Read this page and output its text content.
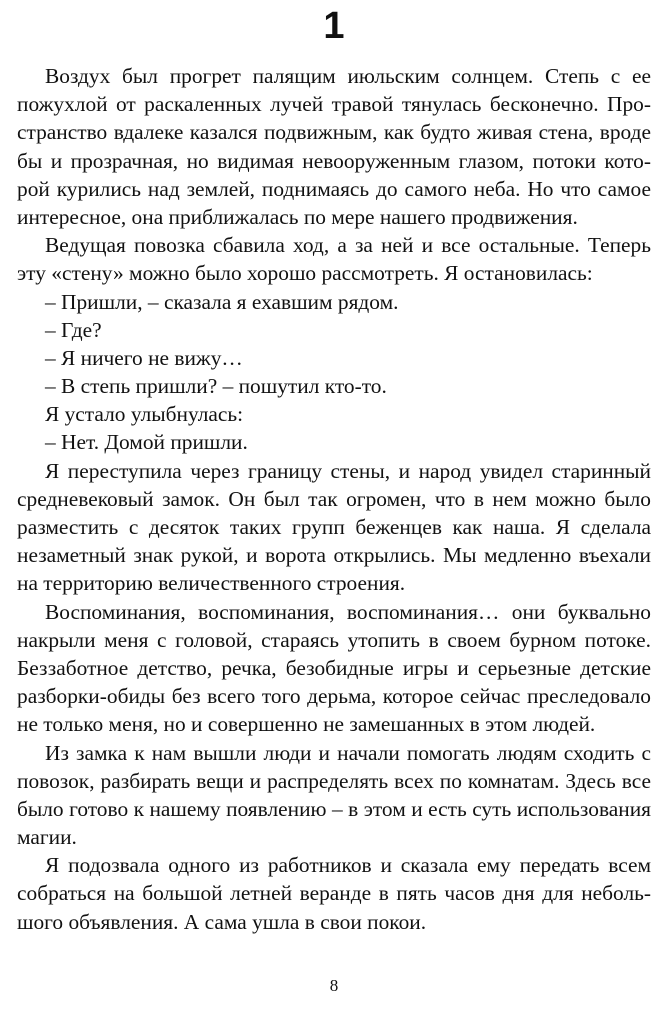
1
Воздух был прогрет палящим июльским солнцем. Степь с ее
пожухлой от раскаленных лучей травой тянулась бесконечно. Про-
странство вдалеке казался подвижным, как будто живая стена, вроде
бы и прозрачная, но видимая невооруженным глазом, потоки кото-
рой курились над землей, поднимаясь до самого неба. Но что самое
интересное, она приближалась по мере нашего продвижения.
Ведущая повозка сбавила ход, а за ней и все остальные. Теперь
эту «стену» можно было хорошо рассмотреть. Я остановилась:
– Пришли, – сказала я ехавшим рядом.
– Где?
– Я ничего не вижу…
– В степь пришли? – пошутил кто-то.
Я устало улыбнулась:
– Нет. Домой пришли.
Я переступила через границу стены, и народ увидел старинный
средневековый замок. Он был так огромен, что в нем можно было
разместить с десяток таких групп беженцев как наша. Я сделала
незаметный знак рукой, и ворота открылись. Мы медленно въехали
на территорию величественного строения.
Воспоминания, воспоминания, воспоминания… они буквально
накрыли меня с головой, стараясь утопить в своем бурном потоке.
Беззаботное детство, речка, безобидные игры и серьезные детские
разборки-обиды без всего того дерьма, которое сейчас преследовало
не только меня, но и совершенно не замешанных в этом людей.
Из замка к нам вышли люди и начали помогать людям сходить с
повозок, разбирать вещи и распределять всех по комнатам. Здесь все
было готово к нашему появлению – в этом и есть суть использования
магии.
Я подозвала одного из работников и сказала ему передать всем
собраться на большой летней веранде в пять часов дня для неболь-
шого объявления. А сама ушла в свои покои.
8
